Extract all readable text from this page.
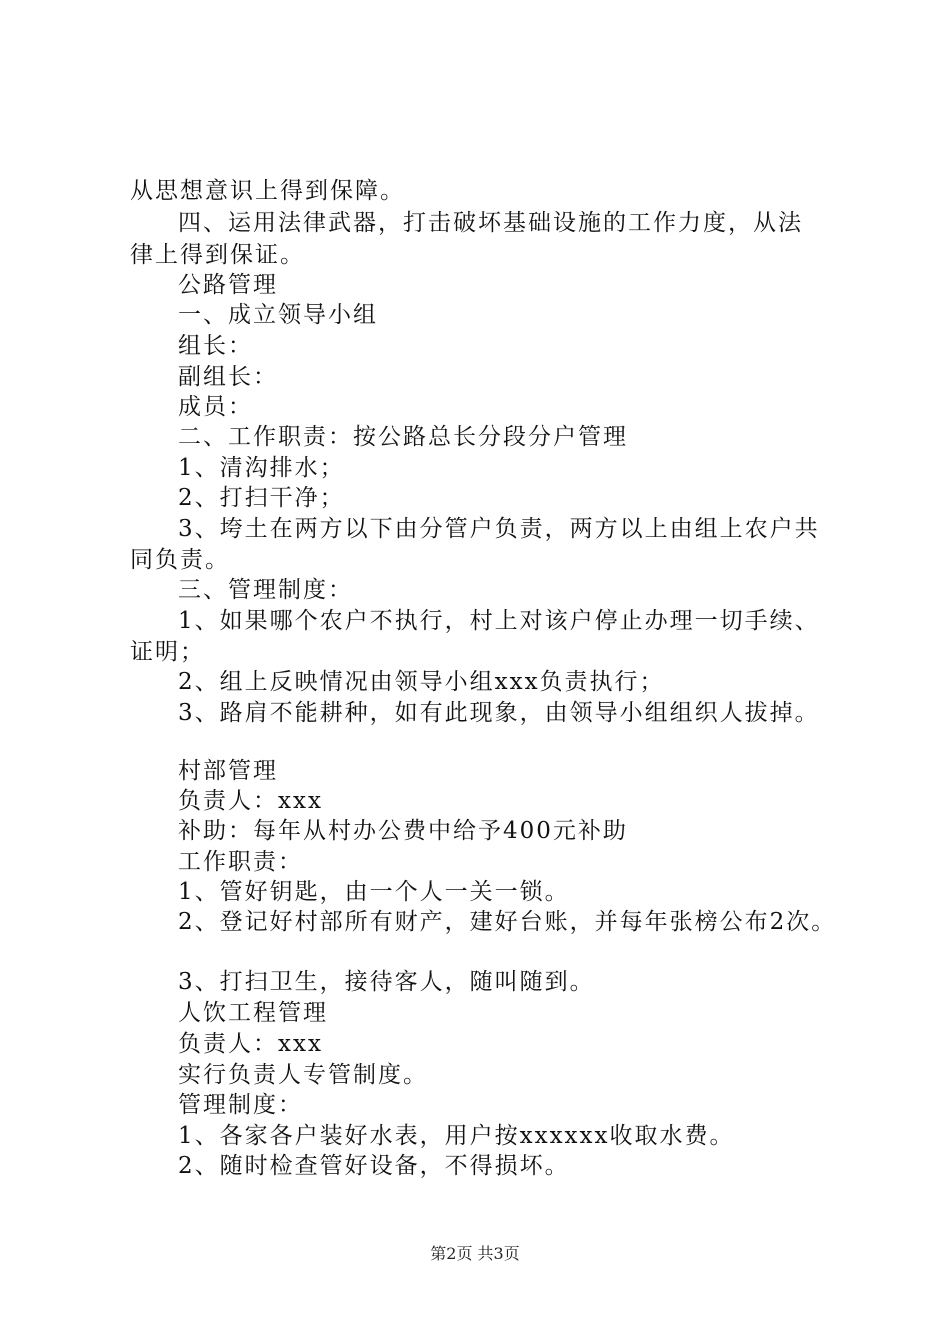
从思想意识上得到保障。
四、运用法律武器，打击破坏基础设施的工作力度，从法
律上得到保证。
公路管理
一、成立领导小组
组长：
副组长：
成员：
二、工作职责：按公路总长分段分户管理
1、清沟排水；
2、打扫干净；
3、垮土在两方以下由分管户负责，两方以上由组上农户共
同负责。
三、管理制度：
1、如果哪个农户不执行，村上对该户停止办理一切手续、
证明；
2、组上反映情况由领导小组xxx负责执行；
3、路肩不能耕种，如有此现象，由领导小组组织人拔掉。
村部管理
负责人：xxx
补助：每年从村办公费中给予400元补助
工作职责：
1、管好钥匙，由一个人一关一锁。
2、登记好村部所有财产，建好台账，并每年张榜公布2次。
3、打扫卫生，接待客人，随叫随到。
人饮工程管理
负责人：xxx
实行负责人专管制度。
管理制度：
1、各家各户装好水表，用户按xxxxxx收取水费。
2、随时检查管好设备，不得损坏。
第2页 共3页
